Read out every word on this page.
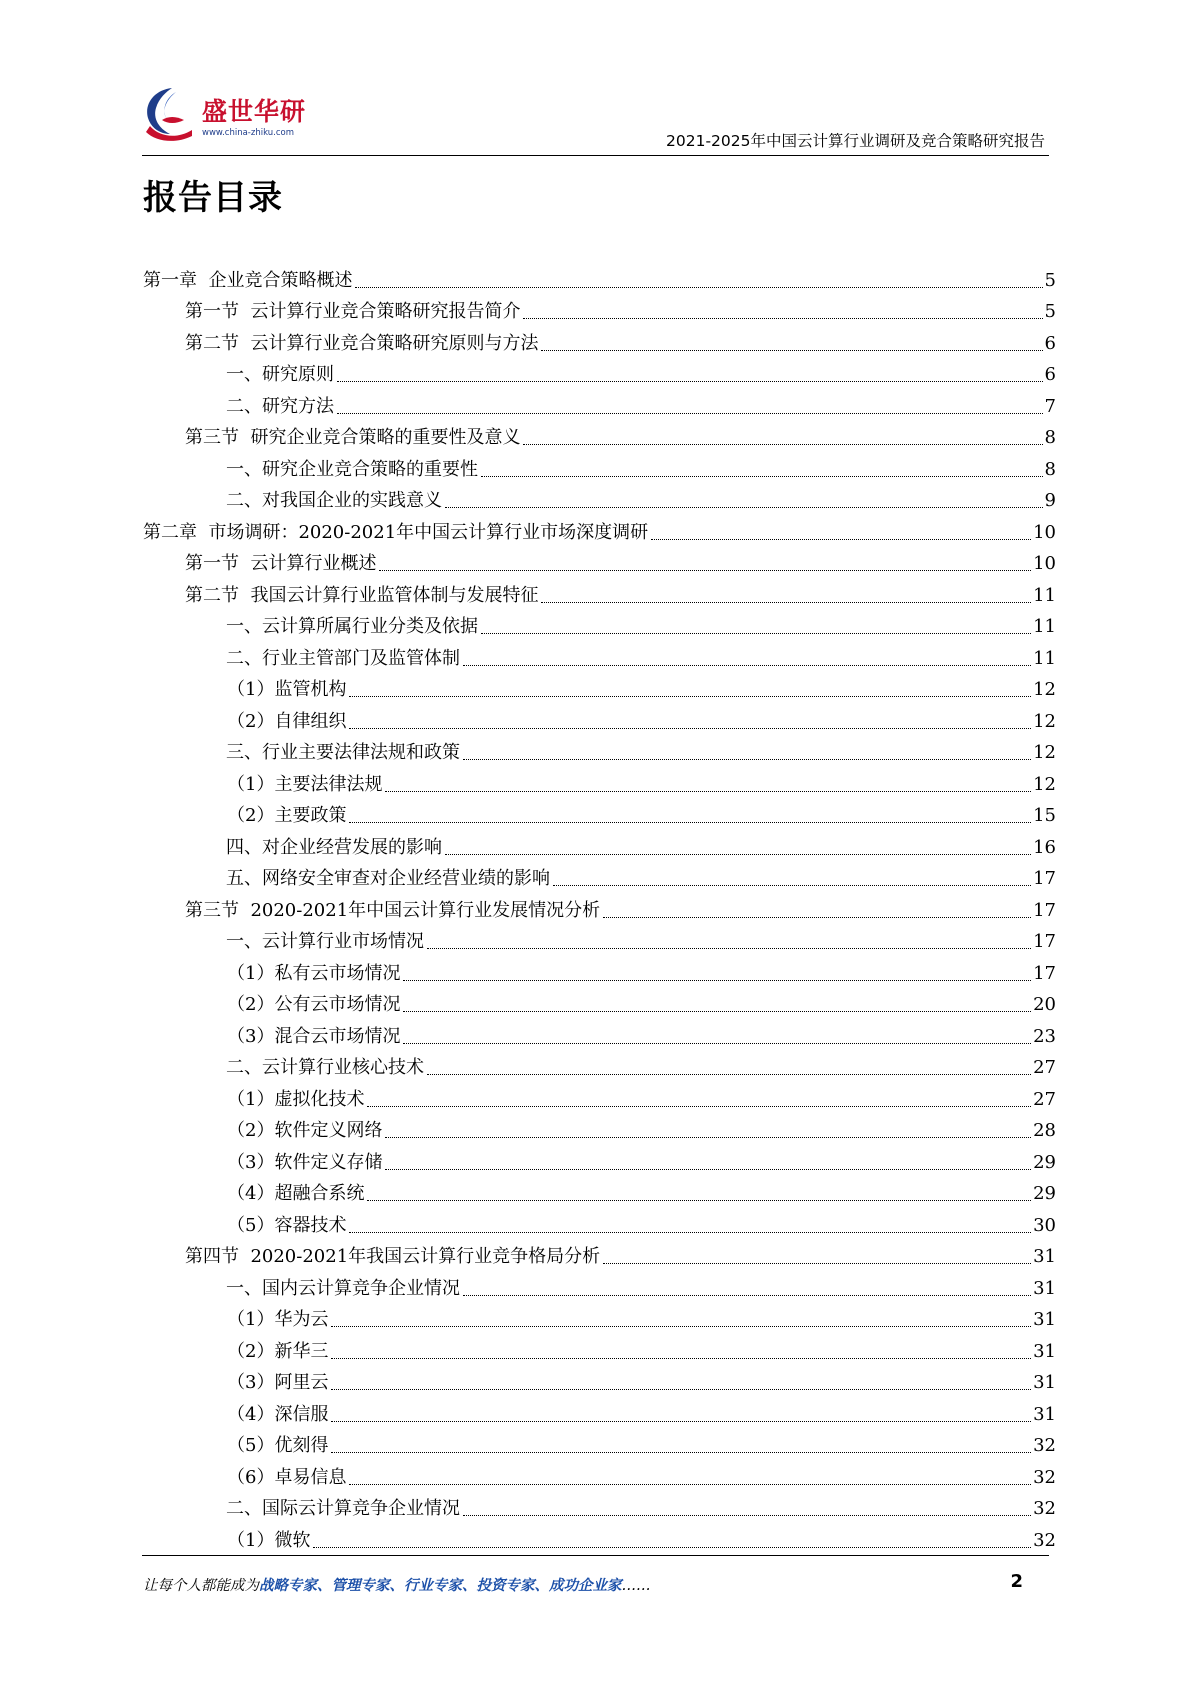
盛世华研
www.china-zhiku.com	2021-2025年中国云计算行业调研及竞合策略研究报告
报告目录
第一章  企业竞合策略概述	5
第一节  云计算行业竞合策略研究报告简介	5
第二节  云计算行业竞合策略研究原则与方法	6
一、研究原则	6
二、研究方法	7
第三节  研究企业竞合策略的重要性及意义	8
一、研究企业竞合策略的重要性	8
二、对我国企业的实践意义	9
第二章  市场调研：2020-2021年中国云计算行业市场深度调研	10
第一节  云计算行业概述	10
第二节  我国云计算行业监管体制与发展特征	11
一、云计算所属行业分类及依据	11
二、行业主管部门及监管体制	11
（1）监管机构	12
（2）自律组织	12
三、行业主要法律法规和政策	12
（1）主要法律法规	12
（2）主要政策	15
四、对企业经营发展的影响	16
五、网络安全审查对企业经营业绩的影响	17
第三节  2020-2021年中国云计算行业发展情况分析	17
一、云计算行业市场情况	17
（1）私有云市场情况	17
（2）公有云市场情况	20
（3）混合云市场情况	23
二、云计算行业核心技术	27
（1）虚拟化技术	27
（2）软件定义网络	28
（3）软件定义存储	29
（4）超融合系统	29
（5）容器技术	30
第四节  2020-2021年我国云计算行业竞争格局分析	31
一、国内云计算竞争企业情况	31
（1）华为云	31
（2）新华三	31
（3）阿里云	31
（4）深信服	31
（5）优刻得	32
（6）卓易信息	32
二、国际云计算竞争企业情况	32
（1）微软	32
让每个人都能成为战略专家、管理专家、行业专家、投资专家、成功企业家……	2
